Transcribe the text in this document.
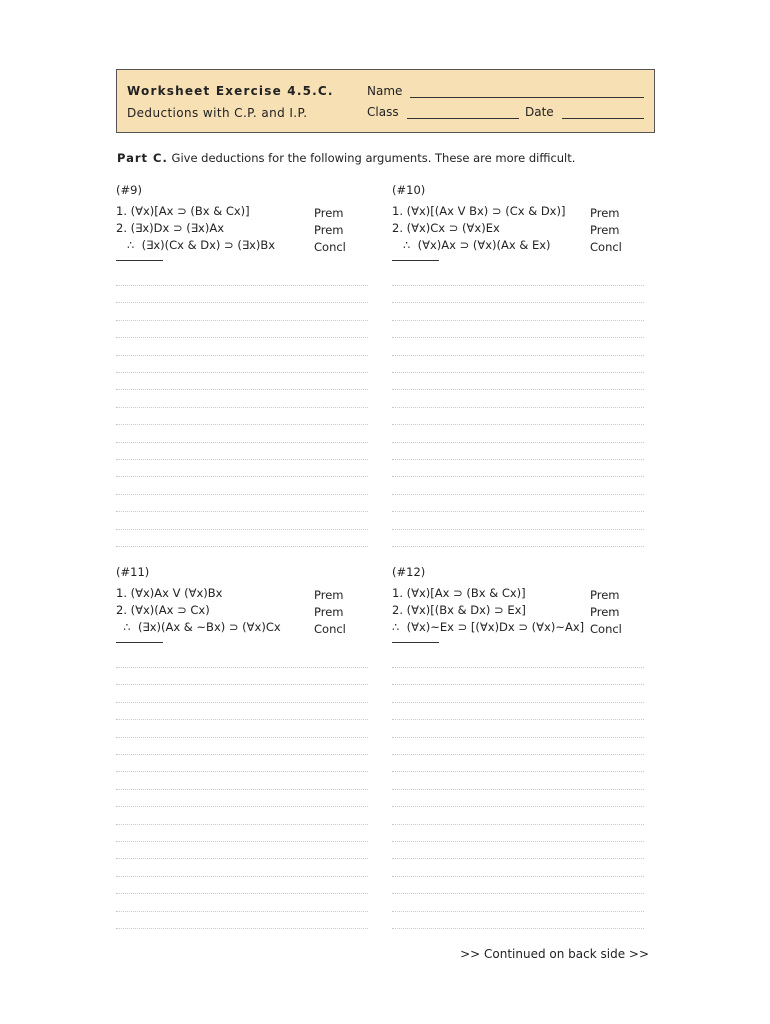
Worksheet Exercise 4.5.C.
Deductions with C.P. and I.P.
Name
Class	Date
Part C. Give deductions for the following arguments. These are more difficult.
(#9)
1. (∀x)[Ax ⊃ (Bx & Cx)]	Prem
2. (∃x)Dx ⊃ (∃x)Ax	Prem
∴  (∃x)(Cx & Dx) ⊃ (∃x)Bx	Concl
(#10)
1. (∀x)[(Ax V Bx) ⊃ (Cx & Dx)] Prem
2. (∀x)Cx ⊃ (∀x)Ex	Prem
∴  (∀x)Ax ⊃ (∀x)(Ax & Ex)	Concl
(#11)
1. (∀x)Ax V (∀x)Bx	Prem
2. (∀x)(Ax ⊃ Cx)	Prem
∴  (∃x)(Ax & ~Bx) ⊃ (∀x)Cx	Concl
(#12)
1. (∀x)[Ax ⊃ (Bx & Cx)]	Prem
2. (∀x)[(Bx & Dx) ⊃ Ex]	Prem
∴  (∀x)~Ex ⊃ [(∀x)Dx ⊃ (∀x)~Ax] Concl
>> Continued on back side >>
